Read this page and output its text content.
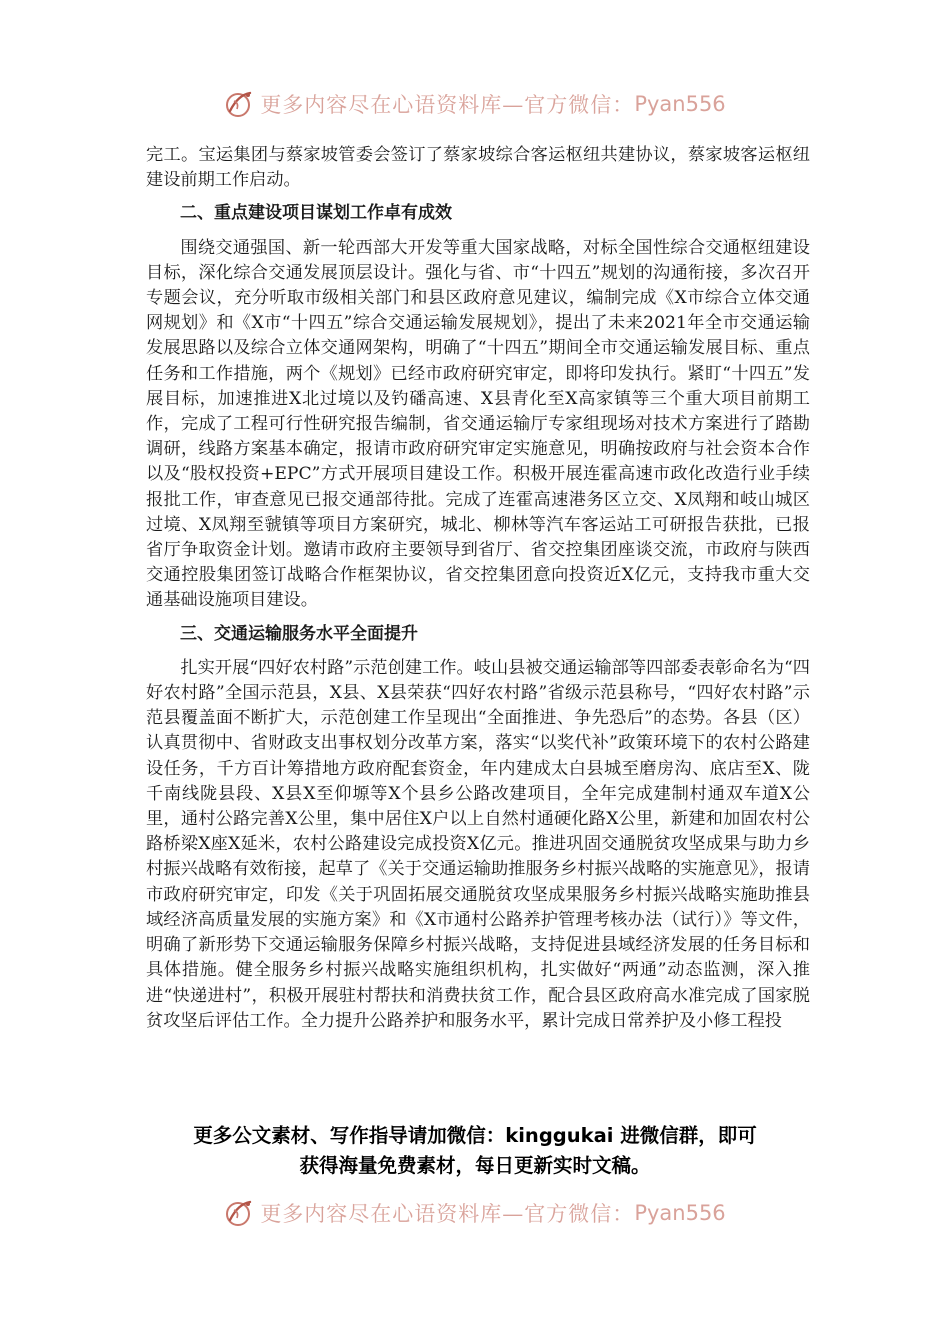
更多内容尽在心语资料库—官方微信： Pyan556

完工。宝运集团与蔡家坡管委会签订了蔡家坡综合客运枢纽共建协议，蔡家坡客运枢纽建设前期工作启动。

二、重点建设项目谋划工作卓有成效

围绕交通强国、新一轮西部大开发等重大国家战略，对标全国性综合交通枢纽建设目标，深化综合交通发展顶层设计。强化与省、市“十四五”规划的沟通衔接，多次召开专题会议，充分听取市级相关部门和县区政府意见建议，编制完成《X市综合立体交通网规划》和《X市“十四五”综合交通运输发展规划》，提出了未来2021年全市交通运输发展思路以及综合立体交通网架构，明确了“十四五”期间全市交通运输发展目标、重点任务和工作措施，两个《规划》已经市政府研究审定，即将印发执行。紧盯“十四五”发展目标，加速推进X北过境以及钓磻高速、X县青化至X高家镇等三个重大项目前期工作，完成了工程可行性研究报告编制，省交通运输厅专家组现场对技术方案进行了踏勘调研，线路方案基本确定，报请市政府研究审定实施意见，明确按政府与社会资本合作以及“股权投资+EPC”方式开展项目建设工作。积极开展连霍高速市政化改造行业手续报批工作，审查意见已报交通部待批。完成了连霍高速港务区立交、X凤翔和岐山城区过境、X凤翔至虢镇等项目方案研究，城北、柳林等汽车客运站工可研报告获批，已报省厅争取资金计划。邀请市政府主要领导到省厅、省交控集团座谈交流，市政府与陕西交通控股集团签订战略合作框架协议，省交控集团意向投资近X亿元，支持我市重大交通基础设施项目建设。

三、交通运输服务水平全面提升

扎实开展“四好农村路”示范创建工作。岐山县被交通运输部等四部委表彰命名为“四好农村路”全国示范县，X县、X县荣获“四好农村路”省级示范县称号，“四好农村路”示范县覆盖面不断扩大，示范创建工作呈现出“全面推进、争先恐后”的态势。各县（区）认真贯彻中、省财政支出事权划分改革方案，落实“以奖代补”政策环境下的农村公路建设任务，千方百计筹措地方政府配套资金，年内建成太白县城至磨房沟、底店至X、陇千南线陇县段、X县X至仰塬等X个县乡公路改建项目，全年完成建制村通双车道X公里，通村公路完善X公里，集中居住X户以上自然村通硬化路X公里，新建和加固农村公路桥梁X座X延米，农村公路建设完成投资X亿元。推进巩固交通脱贫攻坚成果与助力乡村振兴战略有效衔接，起草了《关于交通运输助推服务乡村振兴战略的实施意见》，报请市政府研究审定，印发《关于巩固拓展交通脱贫攻坚成果服务乡村振兴战略实施助推县域经济高质量发展的实施方案》和《X市通村公路养护管理考核办法（试行）》等文件，明确了新形势下交通运输服务保障乡村振兴战略，支持促进县域经济发展的任务目标和具体措施。健全服务乡村振兴战略实施组织机构，扎实做好“两通”动态监测，深入推进“快递进村”，积极开展驻村帮扶和消费扶贫工作，配合县区政府高水准完成了国家脱贫攻坚后评估工作。全力提升公路养护和服务水平，累计完成日常养护及小修工程投

更多公文素材、写作指导请加微信：kinggukai 进微信群，即可
获得海量免费素材，每日更新实时文稿。
更多内容尽在心语资料库—官方微信： Pyan556
